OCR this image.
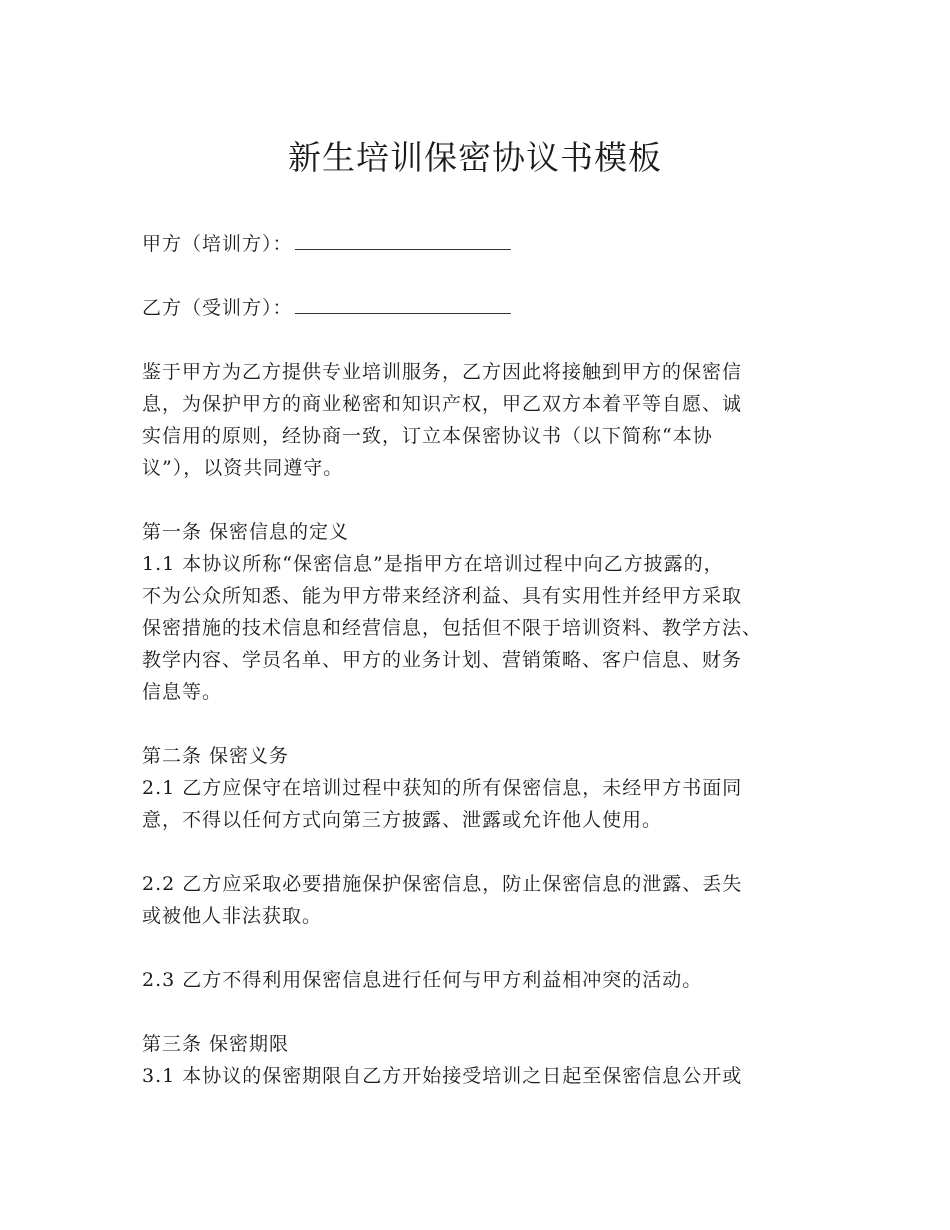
新生培训保密协议书模板
甲方（培训方）：
乙方（受训方）：
鉴于甲方为乙方提供专业培训服务，乙方因此将接触到甲方的保密信
息，为保护甲方的商业秘密和知识产权，甲乙双方本着平等自愿、诚
实信用的原则，经协商一致，订立本保密协议书（以下简称“本协
议”），以资共同遵守。
第一条 保密信息的定义
1.1 本协议所称“保密信息”是指甲方在培训过程中向乙方披露的，
不为公众所知悉、能为甲方带来经济利益、具有实用性并经甲方采取
保密措施的技术信息和经营信息，包括但不限于培训资料、教学方法、
教学内容、学员名单、甲方的业务计划、营销策略、客户信息、财务
信息等。
第二条 保密义务
2.1 乙方应保守在培训过程中获知的所有保密信息，未经甲方书面同
意，不得以任何方式向第三方披露、泄露或允许他人使用。
2.2 乙方应采取必要措施保护保密信息，防止保密信息的泄露、丢失
或被他人非法获取。
2.3 乙方不得利用保密信息进行任何与甲方利益相冲突的活动。
第三条 保密期限
3.1 本协议的保密期限自乙方开始接受培训之日起至保密信息公开或
